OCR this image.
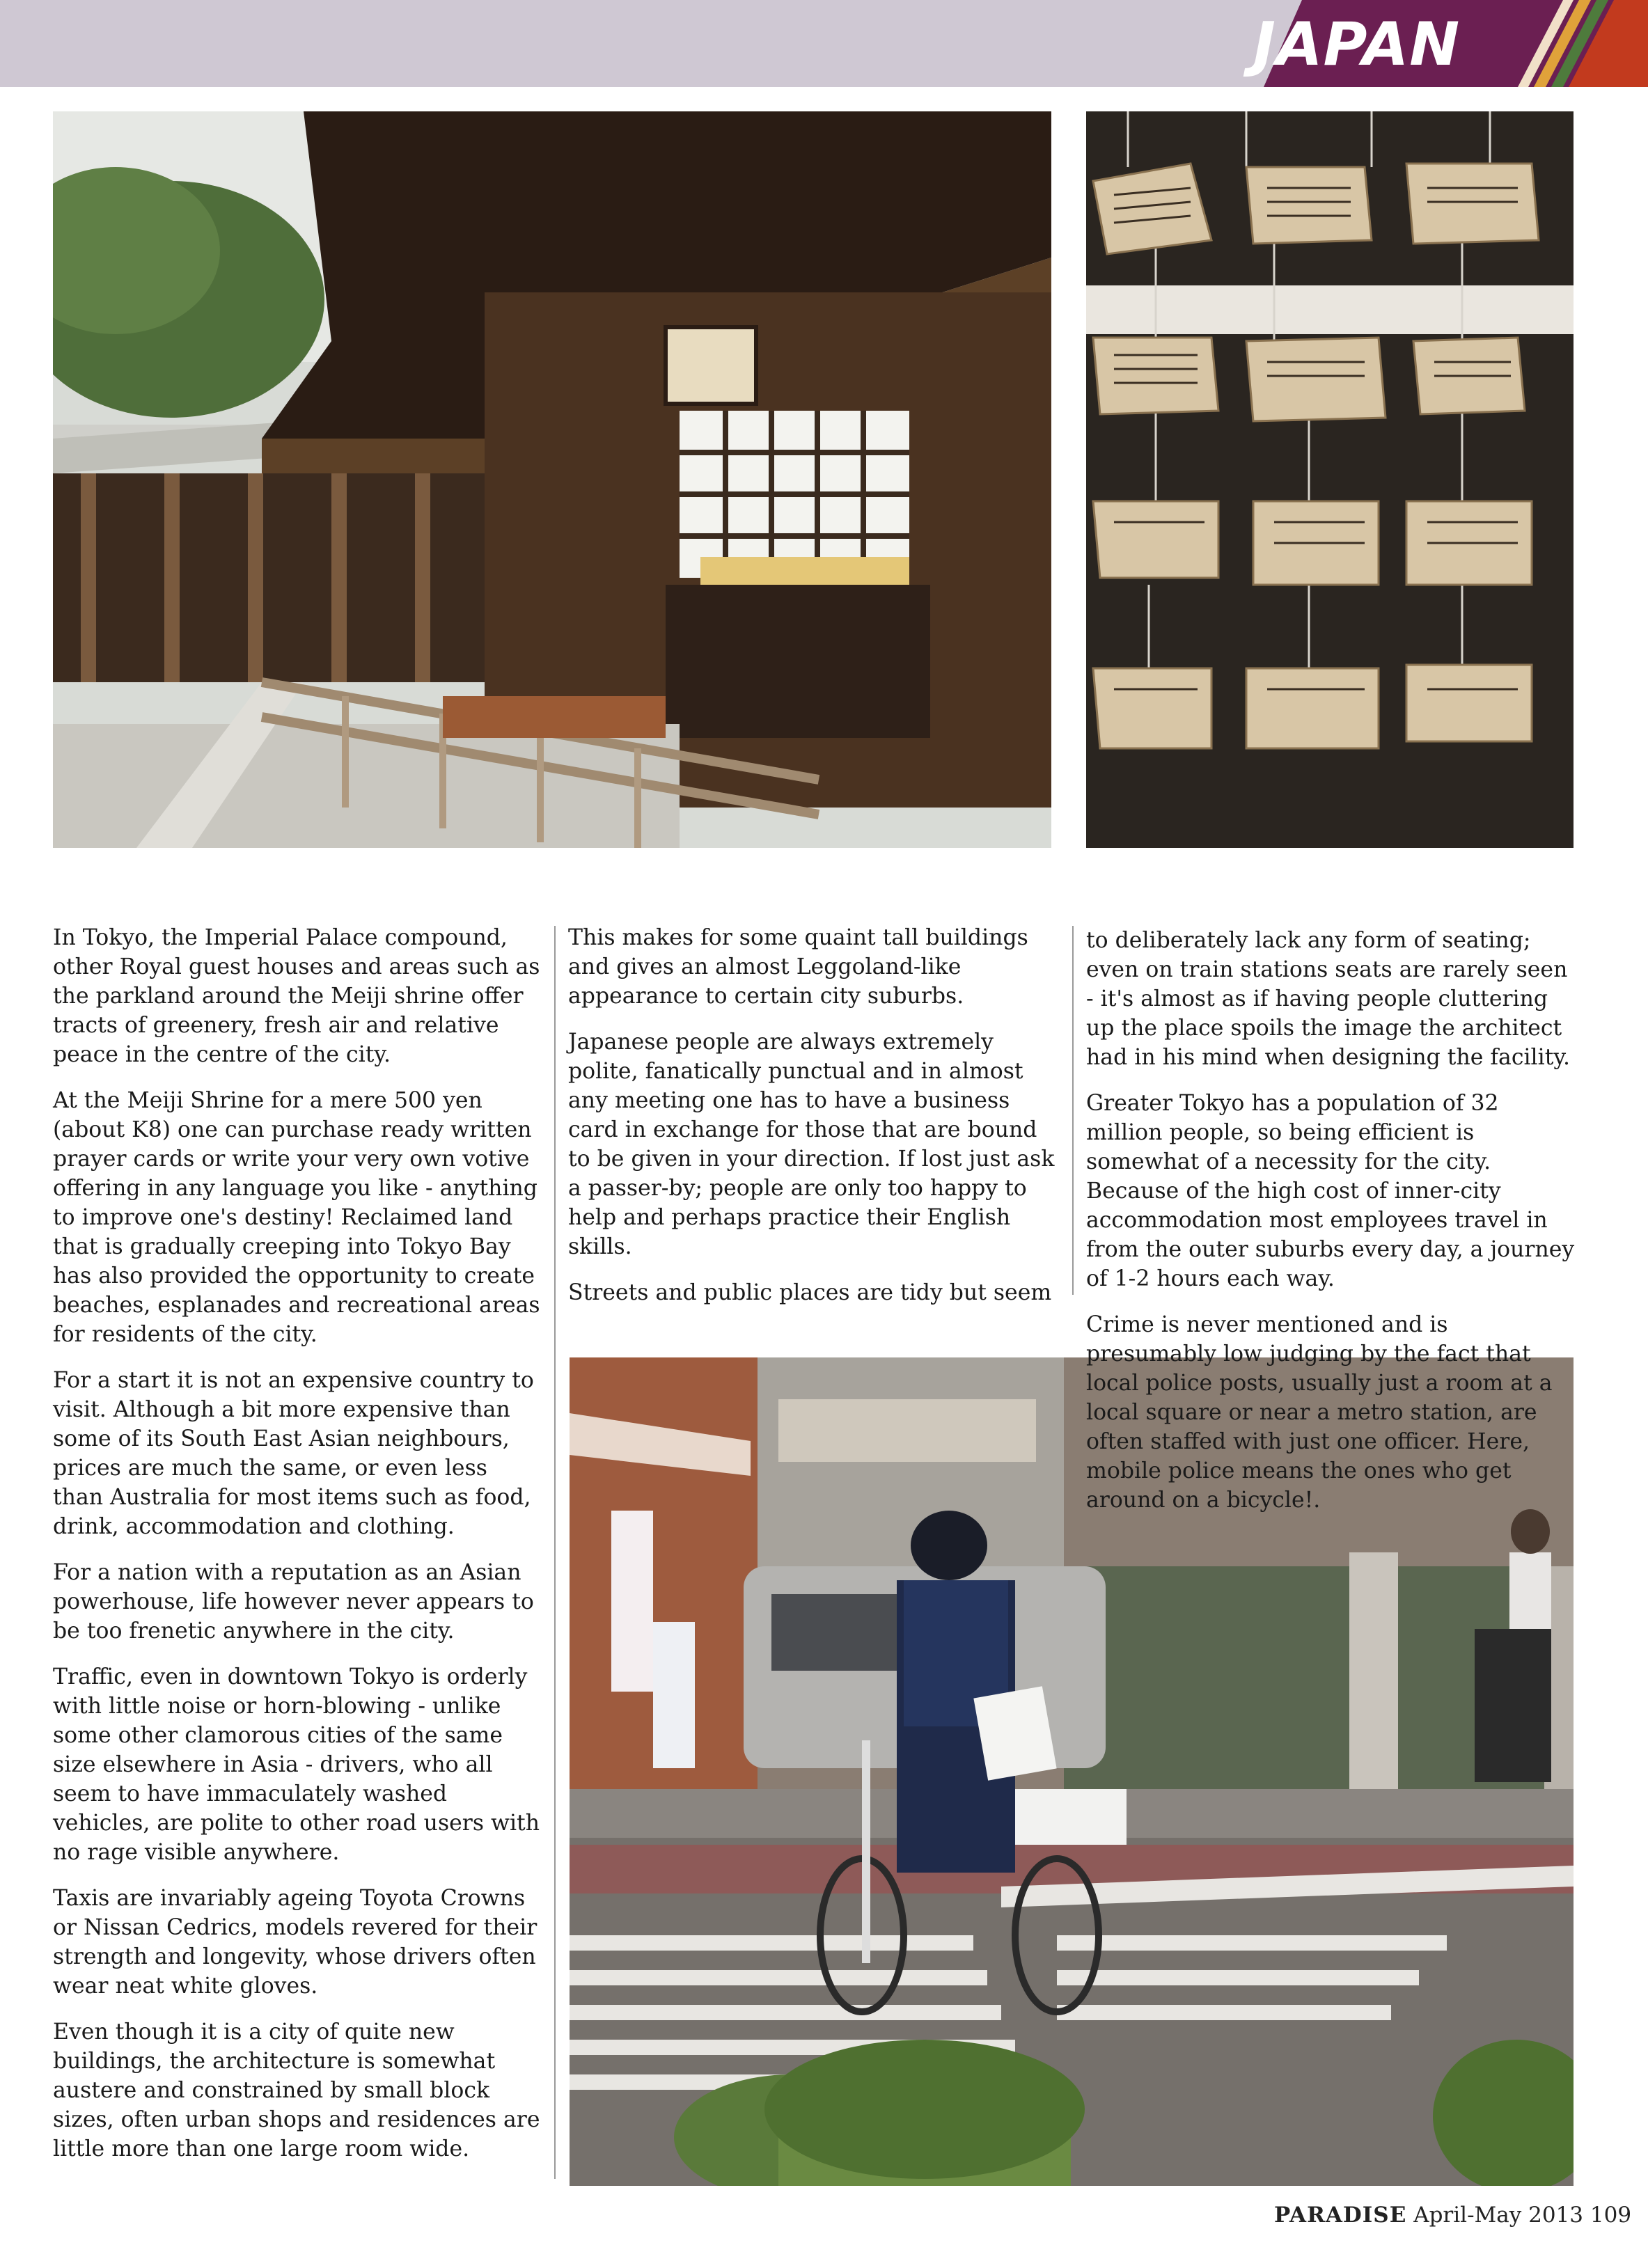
JAPAN

In Tokyo, the Imperial Palace compound, other Royal guest houses and areas such as the parkland around the Meiji shrine offer tracts of greenery, fresh air and relative peace in the centre of the city.

At the Meiji Shrine for a mere 500 yen (about K8) one can purchase ready written prayer cards or write your very own votive offering in any language you like - anything to improve one's destiny! Reclaimed land that is gradually creeping into Tokyo Bay has also provided the opportunity to create beaches, esplanades and recreational areas for residents of the city.

For a start it is not an expensive country to visit. Although a bit more expensive than some of its South East Asian neighbours, prices are much the same, or even less than Australia for most items such as food, drink, accommodation and clothing.

For a nation with a reputation as an Asian powerhouse, life however never appears to be too frenetic anywhere in the city.

Traffic, even in downtown Tokyo is orderly with little noise or horn-blowing - unlike some other clamorous cities of the same size elsewhere in Asia - drivers, who all seem to have immaculately washed vehicles, are polite to other road users with no rage visible anywhere.

Taxis are invariably ageing Toyota Crowns or Nissan Cedrics, models revered for their strength and longevity, whose drivers often wear neat white gloves.

Even though it is a city of quite new buildings, the architecture is somewhat austere and constrained by small block sizes, often urban shops and residences are little more than one large room wide.

This makes for some quaint tall buildings and gives an almost Leggoland-like appearance to certain city suburbs.

Japanese people are always extremely polite, fanatically punctual and in almost any meeting one has to have a business card in exchange for those that are bound to be given in your direction. If lost just ask a passer-by; people are only too happy to help and perhaps practice their English skills.

Streets and public places are tidy but seem

to deliberately lack any form of seating; even on train stations seats are rarely seen - it's almost as if having people cluttering up the place spoils the image the architect had in his mind when designing the facility.

Greater Tokyo has a population of 32 million people, so being efficient is somewhat of a necessity for the city. Because of the high cost of inner-city accommodation most employees travel in from the outer suburbs every day, a journey of 1-2 hours each way.

Crime is never mentioned and is presumably low judging by the fact that local police posts, usually just a room at a local square or near a metro station, are often staffed with just one officer. Here, mobile police means the ones who get around on a bicycle!.

PARADISE April-May 2013 109
